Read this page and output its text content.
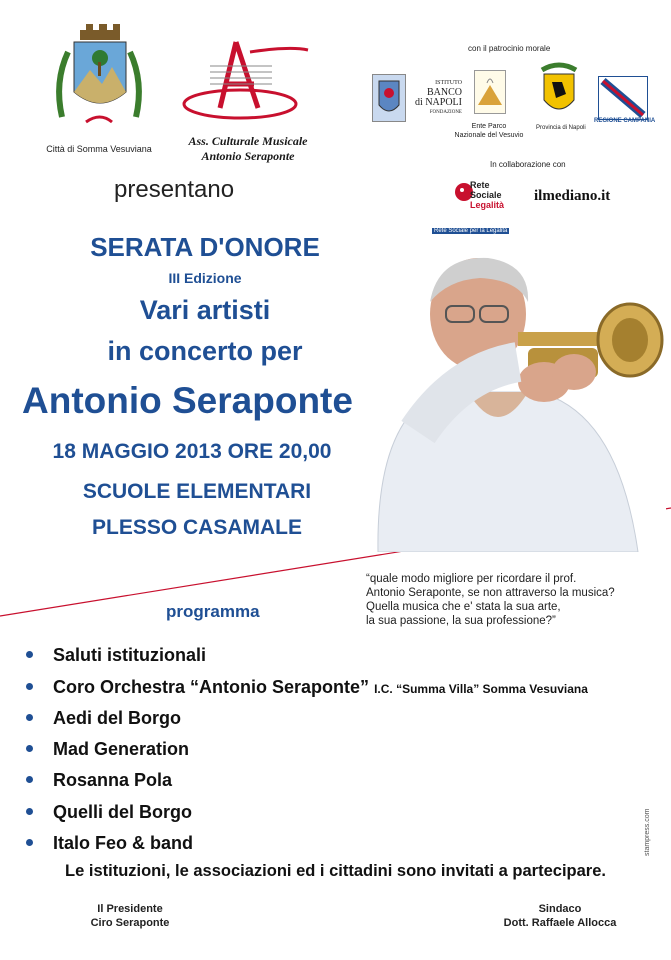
Città di Somma Vesuviana
Ass. Culturale Musicale
Antonio Seraponte
presentano
con il patrocinio morale
ISTITUTO
BANCO
di NAPOLI
FONDAZIONE
Ente Parco
Nazionale del Vesuvio
Provincia di Napoli
REGIONE CAMPANIA
In collaborazione con
Rete
Sociale
Legalità
Rete Sociale per la Legalità
ilmediano.it
SERATA D'ONORE
III Edizione
Vari artisti
in concerto per
Antonio Seraponte
18 MAGGIO 2013 ORE 20,00
SCUOLE ELEMENTARI
PLESSO CASAMALE
“quale modo migliore per ricordare il prof.
Antonio Seraponte, se non attraverso la musica?
Quella musica che e' stata la sua arte,
la sua passione, la sua professione?”
programma
Saluti istituzionali
Coro Orchestra “Antonio Seraponte” I.C. “Summa Villa” Somma Vesuviana
Aedi del Borgo
Mad Generation
Rosanna Pola
Quelli del Borgo
Italo Feo & band
Le istituzioni, le associazioni ed i cittadini sono invitati a partecipare.
Il Presidente
Ciro Seraponte
Sindaco
Dott. Raffaele Allocca
stampress.com
